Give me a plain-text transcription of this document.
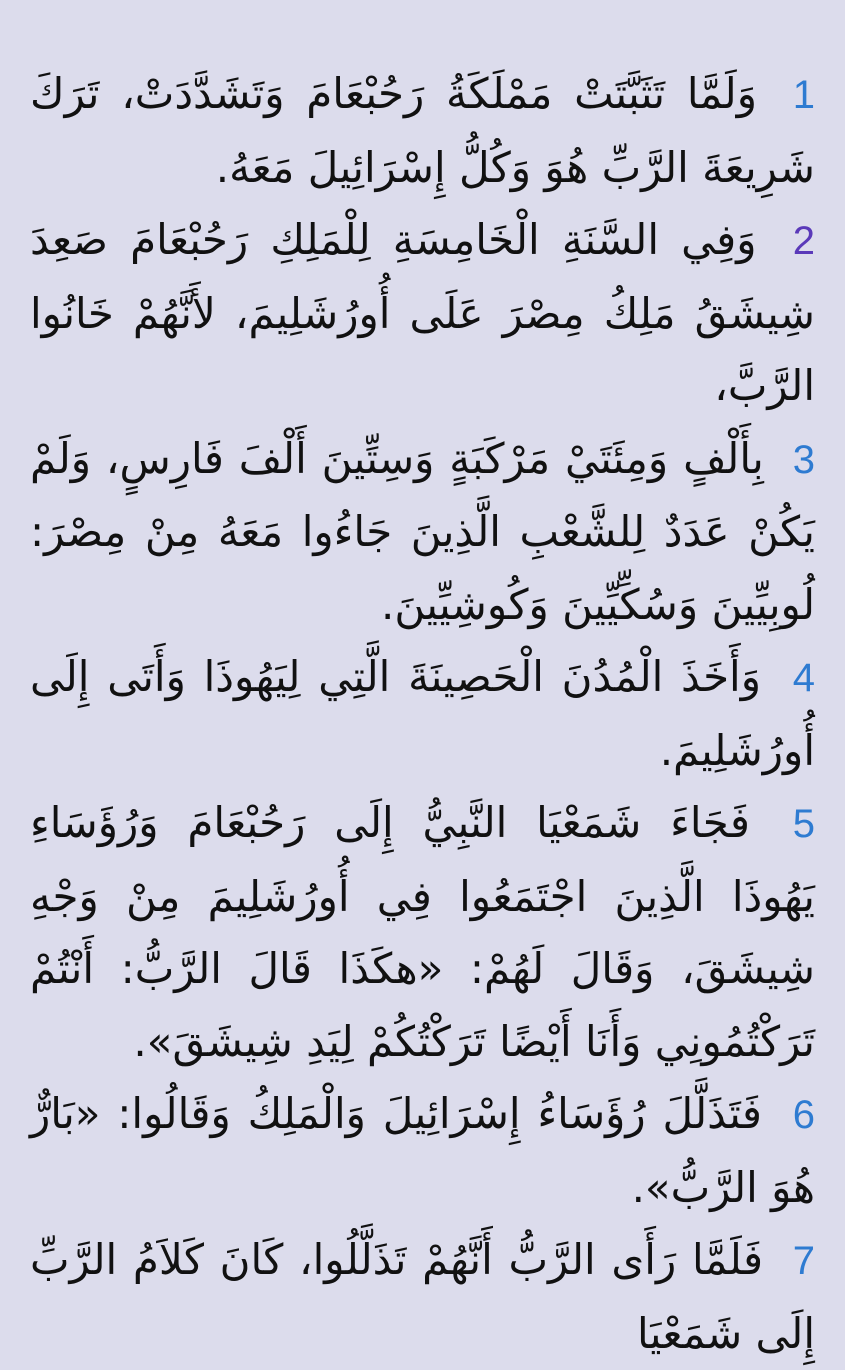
1 وَلَمَّا تَثَبَّتَتْ مَمْلَكَةُ رَحُبْعَامَ وَتَشَدَّدَتْ، تَرَكَ شَرِيعَةَ الرَّبِّ هُوَ وَكُلُّ إِسْرَائِيلَ مَعَهُ.

2 وَفِي السَّنَةِ الْخَامِسَةِ لِلْمَلِكِ رَحُبْعَامَ صَعِدَ شِيشَقُ مَلِكُ مِصْرَ عَلَى أُورُشَلِيمَ، لأَنَّهُمْ خَانُوا الرَّبَّ،

3 بِأَلْفٍ وَمِئَتَيْ مَرْكَبَةٍ وَسِتِّينَ أَلْفَ فَارِسٍ، وَلَمْ يَكُنْ عَدَدٌ لِلشَّعْبِ الَّذِينَ جَاءُوا مَعَهُ مِنْ مِصْرَ: لُوبِيِّينَ وَسُكِّيِّينَ وَكُوشِيِّينَ.

4 وَأَخَذَ الْمُدُنَ الْحَصِينَةَ الَّتِي لِيَهُوذَا وَأَتَى إِلَى أُورُشَلِيمَ.

5 فَجَاءَ شَمَعْيَا النَّبِيُّ إِلَى رَحُبْعَامَ وَرُؤَسَاءِ يَهُوذَا الَّذِينَ اجْتَمَعُوا فِي أُورُشَلِيمَ مِنْ وَجْهِ شِيشَقَ، وَقَالَ لَهُمْ: «هكَذَا قَالَ الرَّبُّ: أَنْتُمْ تَرَكْتُمُونِي وَأَنَا أَيْضًا تَرَكْتُكُمْ لِيَدِ شِيشَقَ».

6 فَتَذَلَّلَ رُؤَسَاءُ إِسْرَائِيلَ وَالْمَلِكُ وَقَالُوا: «بَارٌّ هُوَ الرَّبُّ».

7 فَلَمَّا رَأَى الرَّبُّ أَنَّهُمْ تَذَلَّلُوا، كَانَ كَلاَمُ الرَّبِّ إِلَى شَمَعْيَا
